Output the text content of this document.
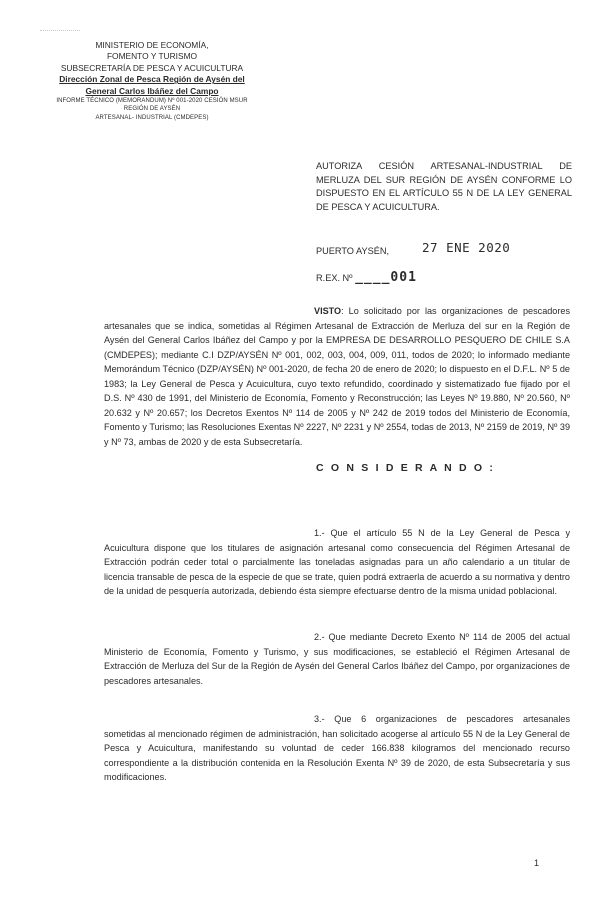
MINISTERIO DE ECONOMÍA,
FOMENTO Y TURISMO
SUBSECRETARÍA DE PESCA Y ACUICULTURA
Dirección Zonal de Pesca Región de Aysén del
General Carlos Ibáñez del Campo
INFORME TÉCNICO (MEMORANDUM) Nº 001-2020 CESIÓN MSUR
REGIÓN DE AYSÉN
ARTESANAL- INDUSTRIAL (CMDEPES)
AUTORIZA CESIÓN ARTESANAL-INDUSTRIAL DE MERLUZA DEL SUR REGIÓN DE AYSÉN CONFORME LO DISPUESTO EN EL ARTÍCULO 55 N DE LA LEY GENERAL DE PESCA Y ACUICULTURA.
PUERTO AYSÉN,	27 ENE 2020
R.EX. Nº ____001
VISTO: Lo solicitado por las organizaciones de pescadores artesanales que se indica, sometidas al Régimen Artesanal de Extracción de Merluza del sur en la Región de Aysén del General Carlos Ibáñez del Campo y por la EMPRESA DE DESARROLLO PESQUERO DE CHILE S.A (CMDEPES); mediante C.I DZP/AYSÉN Nº 001, 002, 003, 004, 009, 011, todos de 2020; lo informado mediante Memorándum Técnico (DZP/AYSÉN) Nº 001-2020, de fecha 20 de enero de 2020; lo dispuesto en el D.F.L. Nº 5 de 1983; la Ley General de Pesca y Acuicultura, cuyo texto refundido, coordinado y sistematizado fue fijado por el D.S. Nº 430 de 1991, del Ministerio de Economía, Fomento y Reconstrucción; las Leyes Nº 19.880, Nº 20.560, Nº 20.632 y Nº 20.657; los Decretos Exentos Nº 114 de 2005 y Nº 242 de 2019 todos del Ministerio de Economía, Fomento y Turismo; las Resoluciones Exentas Nº 2227, Nº 2231 y Nº 2554, todas de 2013, Nº 2159 de 2019, Nº 39 y Nº 73, ambas de 2020 y de esta Subsecretaría.
C O N S I D E R A N D O :
1.- Que el artículo 55 N de la Ley General de Pesca y Acuicultura dispone que los titulares de asignación artesanal como consecuencia del Régimen Artesanal de Extracción podrán ceder total o parcialmente las toneladas asignadas para un año calendario a un titular de licencia transable de pesca de la especie de que se trate, quien podrá extraerla de acuerdo a su normativa y dentro de la unidad de pesquería autorizada, debiendo ésta siempre efectuarse dentro de la misma unidad poblacional.
2.- Que mediante Decreto Exento Nº 114 de 2005 del actual Ministerio de Economía, Fomento y Turismo, y sus modificaciones, se estableció el Régimen Artesanal de Extracción de Merluza del Sur de la Región de Aysén del General Carlos Ibáñez del Campo, por organizaciones de pescadores artesanales.
3.- Que 6 organizaciones de pescadores artesanales sometidas al mencionado régimen de administración, han solicitado acogerse al artículo 55 N de la Ley General de Pesca y Acuicultura, manifestando su voluntad de ceder 166.838 kilogramos del mencionado recurso correspondiente a la distribución contenida en la Resolución Exenta Nº 39 de 2020, de esta Subsecretaría y sus modificaciones.
1
